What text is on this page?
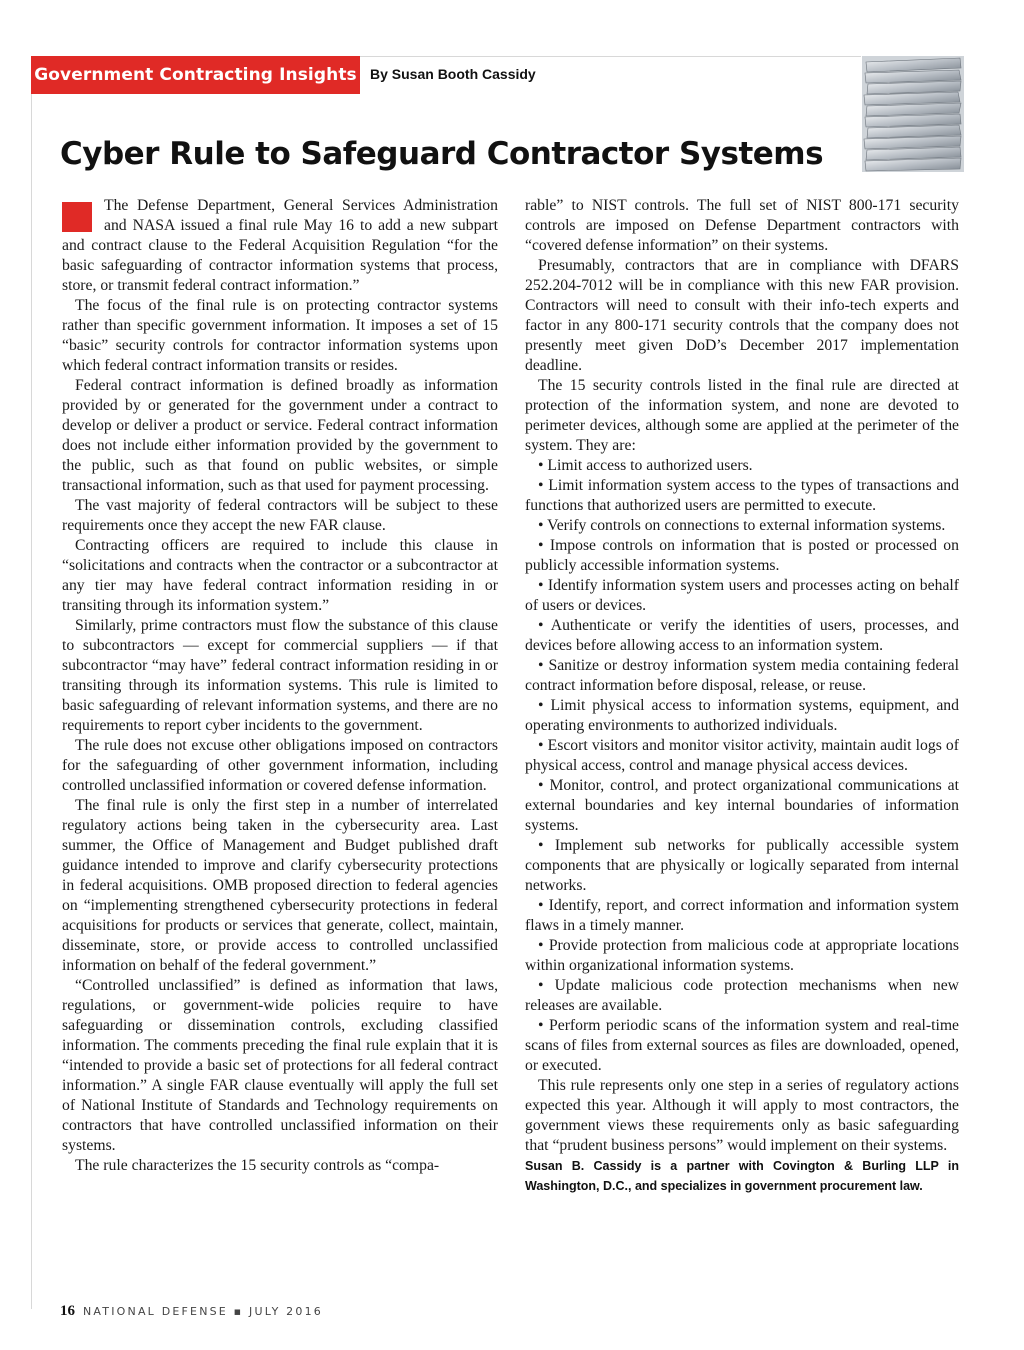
Government Contracting Insights By Susan Booth Cassidy
Cyber Rule to Safeguard Contractor Systems

The Defense Department, General Services Administration and NASA issued a final rule May 16 to add a new subpart and contract clause to the Federal Acquisition Regulation “for the basic safeguarding of contractor information systems that process, store, or transmit federal contract information.”

The focus of the final rule is on protecting contractor systems rather than specific government information. It imposes a set of 15 “basic” security controls for contractor information systems upon which federal contract information transits or resides.

Federal contract information is defined broadly as information provided by or generated for the government under a contract to develop or deliver a product or service. Federal contract information does not include either information provided by the government to the public, such as that found on public websites, or simple transactional information, such as that used for payment processing.

The vast majority of federal contractors will be subject to these requirements once they accept the new FAR clause.

Contracting officers are required to include this clause in “solicitations and contracts when the contractor or a subcontractor at any tier may have federal contract information residing in or transiting through its information system.”

Similarly, prime contractors must flow the substance of this clause to subcontractors — except for commercial suppliers — if that subcontractor “may have” federal contract information residing in or transiting through its information systems. This rule is limited to basic safeguarding of relevant information systems, and there are no requirements to report cyber incidents to the government.

The rule does not excuse other obligations imposed on contractors for the safeguarding of other government information, including controlled unclassified information or covered defense information.

The final rule is only the first step in a number of interrelated regulatory actions being taken in the cybersecurity area. Last summer, the Office of Management and Budget published draft guidance intended to improve and clarify cybersecurity protections in federal acquisitions. OMB proposed direction to federal agencies on “implementing strengthened cybersecurity protections in federal acquisitions for products or services that generate, collect, maintain, disseminate, store, or provide access to controlled unclassified information on behalf of the federal government.”

“Controlled unclassified” is defined as information that laws, regulations, or government-wide policies require to have safeguarding or dissemination controls, excluding classified information. The comments preceding the final rule explain that it is “intended to provide a basic set of protections for all federal contract information.” A single FAR clause eventually will apply the full set of National Institute of Standards and Technology requirements on contractors that have controlled unclassified information on their systems.

The rule characterizes the 15 security controls as “compa-

rable” to NIST controls. The full set of NIST 800-171 security controls are imposed on Defense Department contractors with “covered defense information” on their systems.

Presumably, contractors that are in compliance with DFARS 252.204-7012 will be in compliance with this new FAR provision. Contractors will need to consult with their info-tech experts and factor in any 800-171 security controls that the company does not presently meet given DoD’s December 2017 implementation deadline.

The 15 security controls listed in the final rule are directed at protection of the information system, and none are devoted to perimeter devices, although some are applied at the perimeter of the system. They are:

• Limit access to authorized users.

• Limit information system access to the types of transactions and functions that authorized users are permitted to execute.

• Verify controls on connections to external information systems.

• Impose controls on information that is posted or processed on publicly accessible information systems.

• Identify information system users and processes acting on behalf of users or devices.

• Authenticate or verify the identities of users, processes, and devices before allowing access to an information system.

• Sanitize or destroy information system media containing federal contract information before disposal, release, or reuse.

• Limit physical access to information systems, equipment, and operating environments to authorized individuals.

• Escort visitors and monitor visitor activity, maintain audit logs of physical access, control and manage physical access devices.

• Monitor, control, and protect organizational communications at external boundaries and key internal boundaries of information systems.

• Implement sub networks for publically accessible system components that are physically or logically separated from internal networks.

• Identify, report, and correct information and information system flaws in a timely manner.

• Provide protection from malicious code at appropriate locations within organizational information systems.

• Update malicious code protection mechanisms when new releases are available.

• Perform periodic scans of the information system and real-time scans of files from external sources as files are downloaded, opened, or executed.

This rule represents only one step in a series of regulatory actions expected this year. Although it will apply to most contractors, the government views these requirements only as basic safeguarding that “prudent business persons” would implement on their systems.

Susan B. Cassidy is a partner with Covington & Burling LLP in Washington, D.C., and specializes in government procurement law.

16 NATIONAL DEFENSE ▪ JULY 2016
